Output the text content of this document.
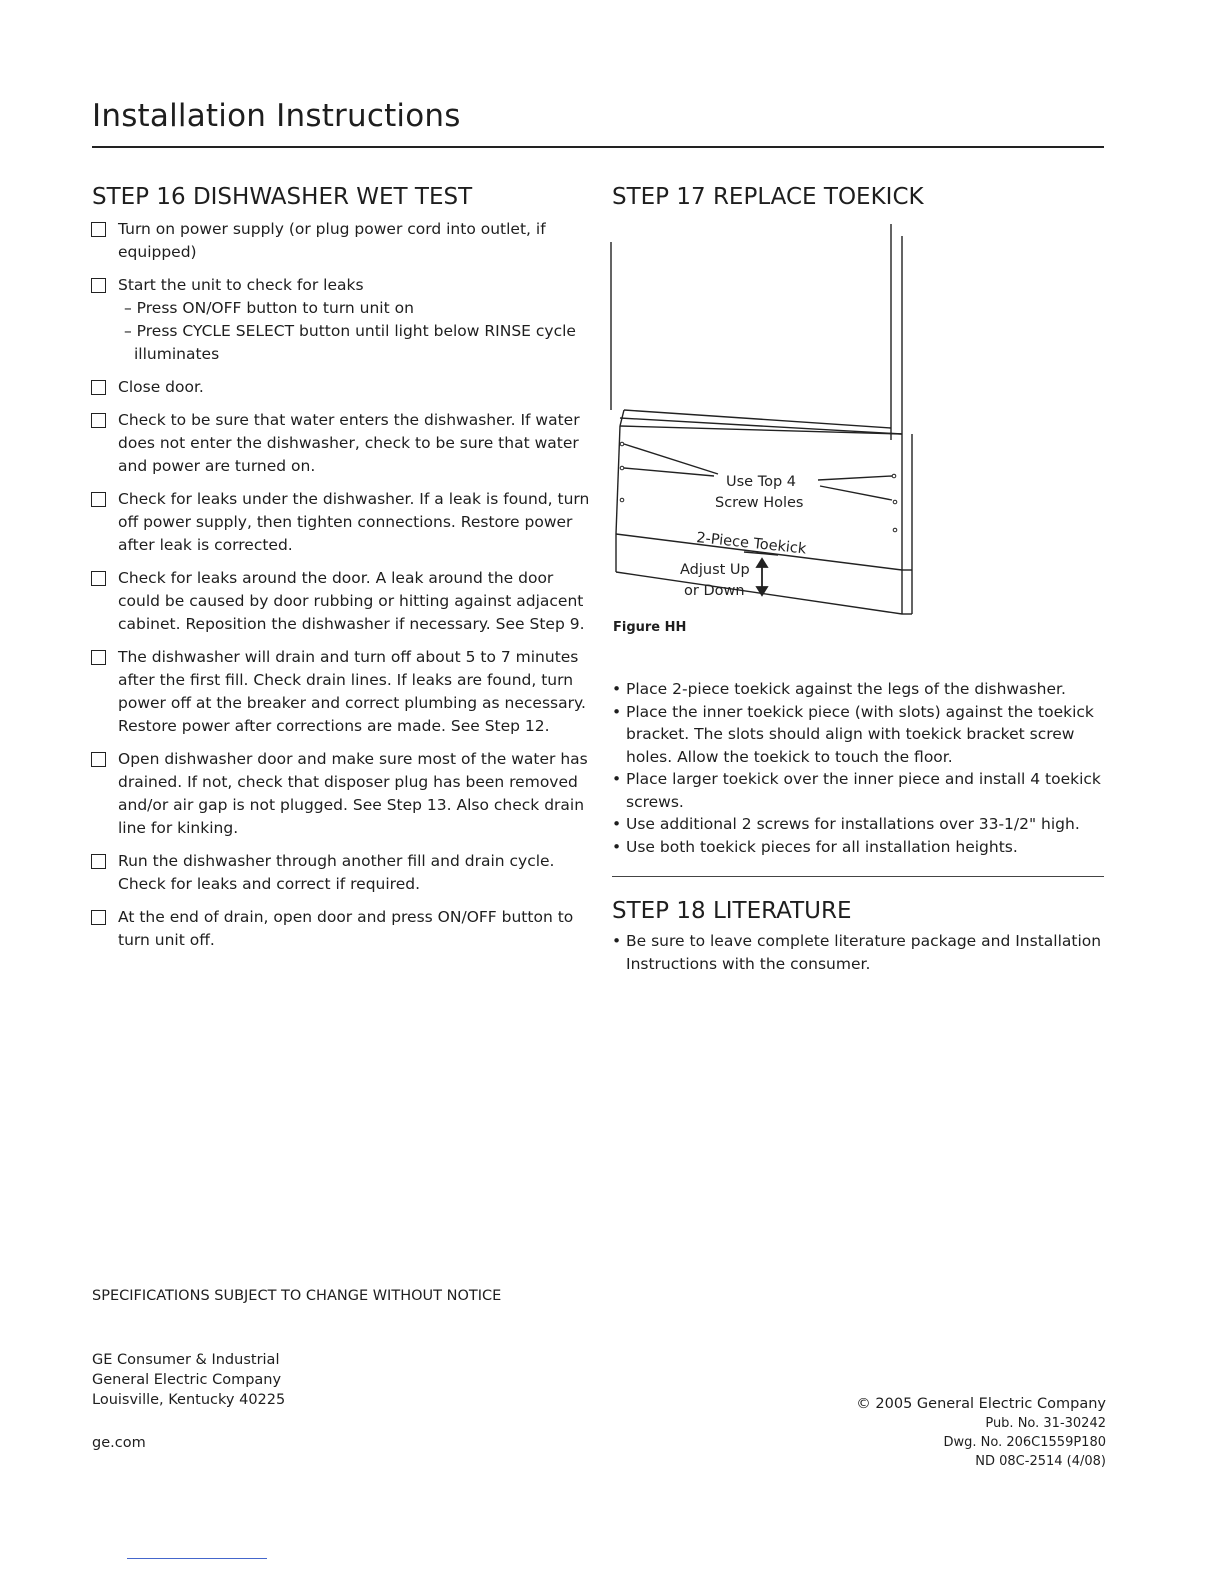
Installation Instructions
STEP 16 DISHWASHER WET TEST
Turn on power supply (or plug power cord into outlet, if equipped)
Start the unit to check for leaks
– Press ON/OFF button to turn unit on
– Press CYCLE SELECT button until light below RINSE cycle illuminates
Close door.
Check to be sure that water enters the dishwasher. If water does not enter the dishwasher, check to be sure that water and power are turned on.
Check for leaks under the dishwasher. If a leak is found, turn off power supply, then tighten connections. Restore power after leak is corrected.
Check for leaks around the door. A leak around the door could be caused by door rubbing or hitting against adjacent cabinet. Reposition the dishwasher if necessary. See Step 9.
The dishwasher will drain and turn off about 5 to 7 minutes after the first fill. Check drain lines. If leaks are found, turn power off at the breaker and correct plumbing as necessary. Restore power after corrections are made. See Step 12.
Open dishwasher door and make sure most of the water has drained. If not, check that disposer plug has been removed and/or air gap is not plugged. See Step 13. Also check drain line for kinking.
Run the dishwasher through another fill and drain cycle. Check for leaks and correct if required.
At the end of drain, open door and press ON/OFF button to turn unit off.
STEP 17 REPLACE TOEKICK
Use Top 4
Screw Holes
2-Piece Toekick
Adjust Up
or Down
Figure HH
• Place 2-piece toekick against the legs of the dishwasher.
• Place the inner toekick piece (with slots) against the toekick bracket. The slots should align with toekick bracket screw holes. Allow the toekick to touch the floor.
• Place larger toekick over the inner piece and install 4 toekick screws.
• Use additional 2 screws for installations over 33-1/2" high.
• Use both toekick pieces for all installation heights.
STEP 18 LITERATURE
• Be sure to leave complete literature package and Installation Instructions with the consumer.

SPECIFICATIONS SUBJECT TO CHANGE WITHOUT NOTICE

GE Consumer & Industrial
General Electric Company
Louisville, Kentucky 40225

ge.com

© 2005 General Electric Company
Pub. No. 31-30242
Dwg. No. 206C1559P180
ND 08C-2514 (4/08)
